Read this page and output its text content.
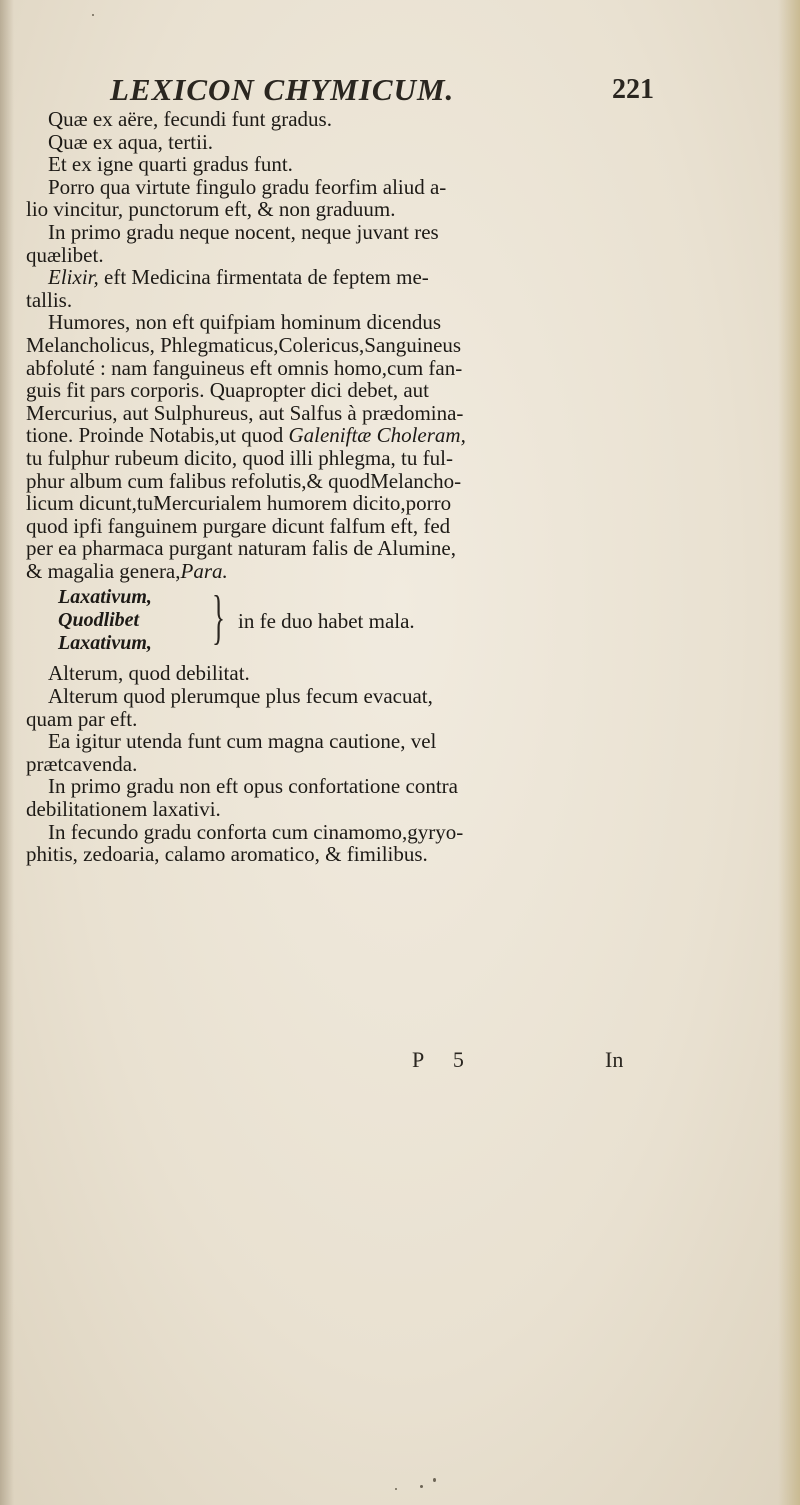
LEXICON CHYMICUM.	221
Quæ ex aëre, fecundi funt gradus.
Quæ ex aqua, tertii.
Et ex igne quarti gradus funt.
Porro qua virtute fingulo gradu feorfim aliud a-
lio vincitur, punctorum eft, & non graduum.
In primo gradu neque nocent, neque juvant res
quælibet.
Elixir, eft Medicina firmentata de feptem me-
tallis.
Humores, non eft quifpiam hominum dicendus
Melancholicus, Phlegmaticus,Colericus,Sanguineus
abfoluté : nam fanguineus eft omnis homo,cum fan-
guis fit pars corporis. Quapropter dici debet, aut
Mercurius, aut Sulphureus, aut Salfus à prædomina-
tione. Proinde Notabis,ut quod Galeniftæ Choleram,
tu fulphur rubeum dicito, quod illi phlegma, tu ful-
phur album cum falibus refolutis,& quodMelancho-
licum dicunt,tuMercurialem humorem dicito,porro
quod ipfi fanguinem purgare dicunt falfum eft, fed
per ea pharmaca purgant naturam falis de Alumine,
& magalia genera,Para.
Laxativum,
Quodlibet
Laxativum, } in fe duo habet mala.
Alterum, quod debilitat.
Alterum quod plerumque plus fecum evacuat,
quam par eft.
Ea igitur utenda funt cum magna cautione, vel
prætcavenda.
In primo gradu non eft opus confortatione contra
debilitationem laxativi.
In fecundo gradu conforta cum cinamomo,gyryo-
phitis, zedoaria, calamo aromatico, & fimilibus.
P 5	In
